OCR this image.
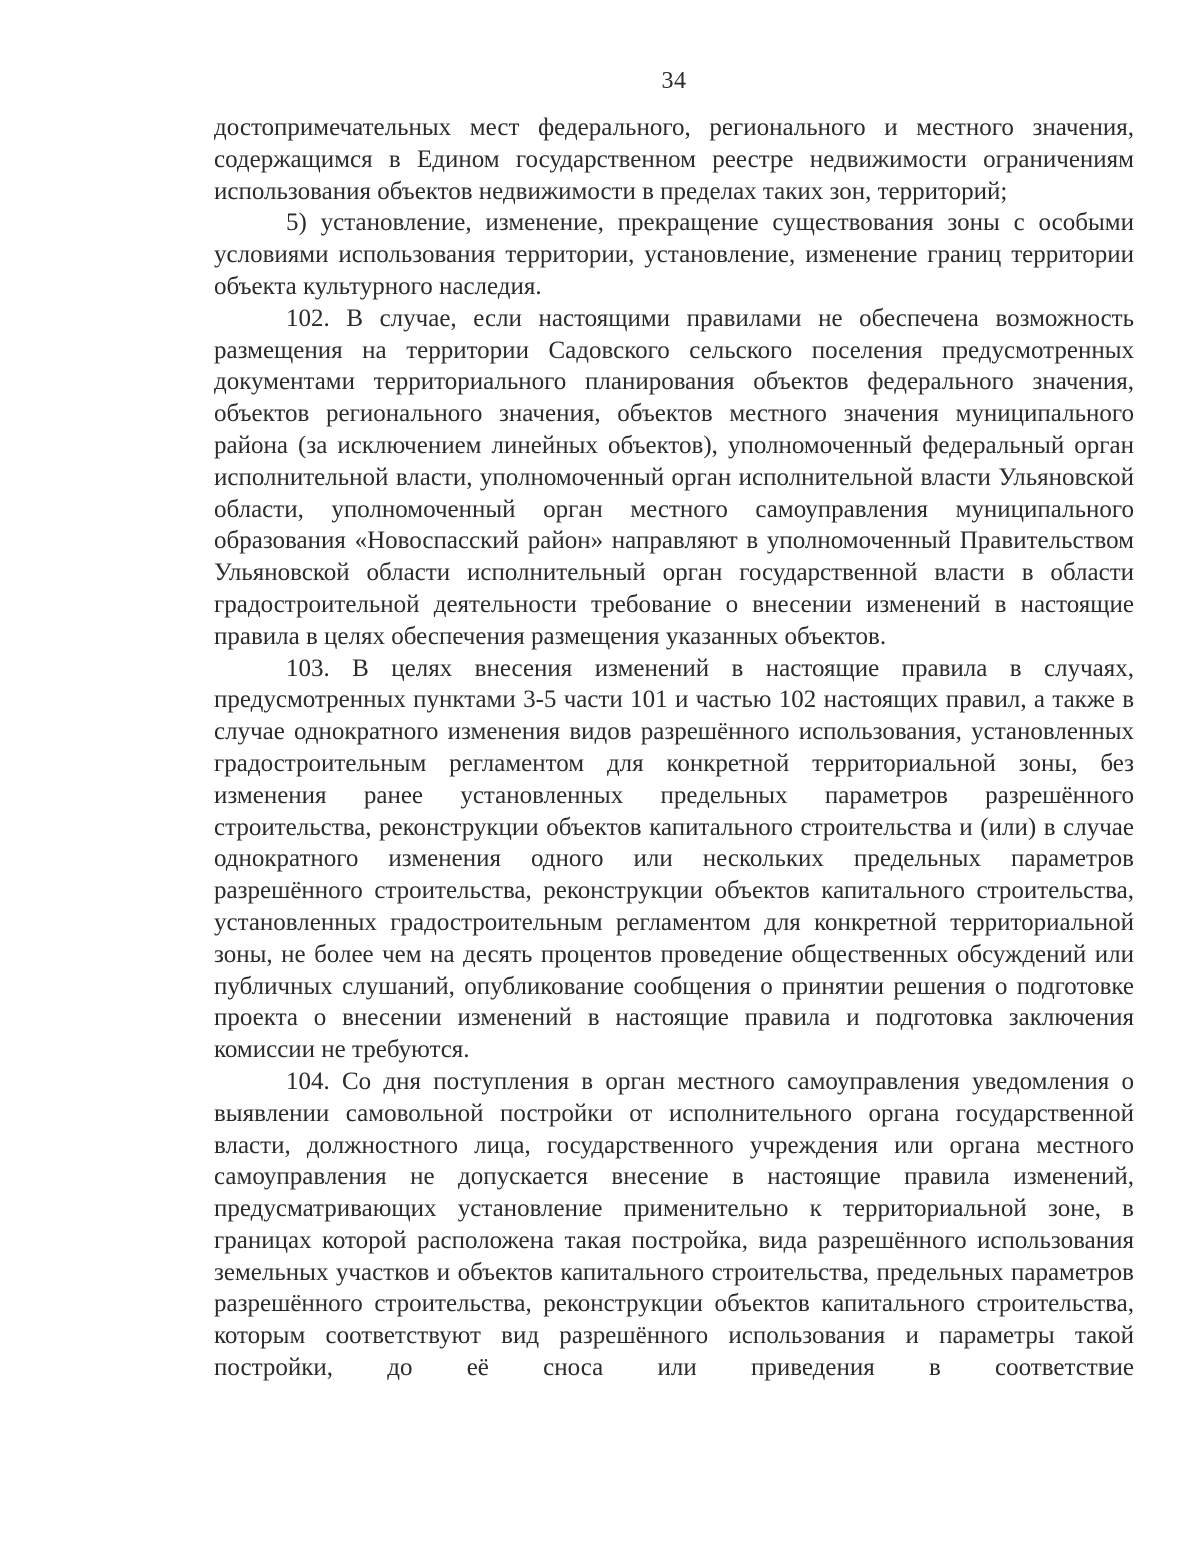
34

достопримечательных мест федерального, регионального и местного значения, содержащимся в Едином государственном реестре недвижимости ограничениям использования объектов недвижимости в пределах таких зон, территорий;

5) установление, изменение, прекращение существования зоны с особыми условиями использования территории, установление, изменение границ территории объекта культурного наследия.

102. В случае, если настоящими правилами не обеспечена возможность размещения на территории Садовского сельского поселения предусмотренных документами территориального планирования объектов федерального значения, объектов регионального значения, объектов местного значения муниципального района (за исключением линейных объектов), уполномоченный федеральный орган исполнительной власти, уполномоченный орган исполнительной власти Ульяновской области, уполномоченный орган местного самоуправления муниципального образования «Новоспасский район» направляют в уполномоченный Правительством Ульяновской области исполнительный орган государственной власти в области градостроительной деятельности требование о внесении изменений в настоящие правила в целях обеспечения размещения указанных объектов.

103. В целях внесения изменений в настоящие правила в случаях, предусмотренных пунктами 3-5 части 101 и частью 102 настоящих правил, а также в случае однократного изменения видов разрешённого использования, установленных градостроительным регламентом для конкретной территориальной зоны, без изменения ранее установленных предельных параметров разрешённого строительства, реконструкции объектов капитального строительства и (или) в случае однократного изменения одного или нескольких предельных параметров разрешённого строительства, реконструкции объектов капитального строительства, установленных градостроительным регламентом для конкретной территориальной зоны, не более чем на десять процентов проведение общественных обсуждений или публичных слушаний, опубликование сообщения о принятии решения о подготовке проекта о внесении изменений в настоящие правила и подготовка заключения комиссии не требуются.

104. Со дня поступления в орган местного самоуправления уведомления о выявлении самовольной постройки от исполнительного органа государственной власти, должностного лица, государственного учреждения или органа местного самоуправления не допускается внесение в настоящие правила изменений, предусматривающих установление применительно к территориальной зоне, в границах которой расположена такая постройка, вида разрешённого использования земельных участков и объектов капитального строительства, предельных параметров разрешённого строительства, реконструкции объектов капитального строительства, которым соответствуют вид разрешённого использования и параметры такой постройки, до её сноса или приведения в соответствие
